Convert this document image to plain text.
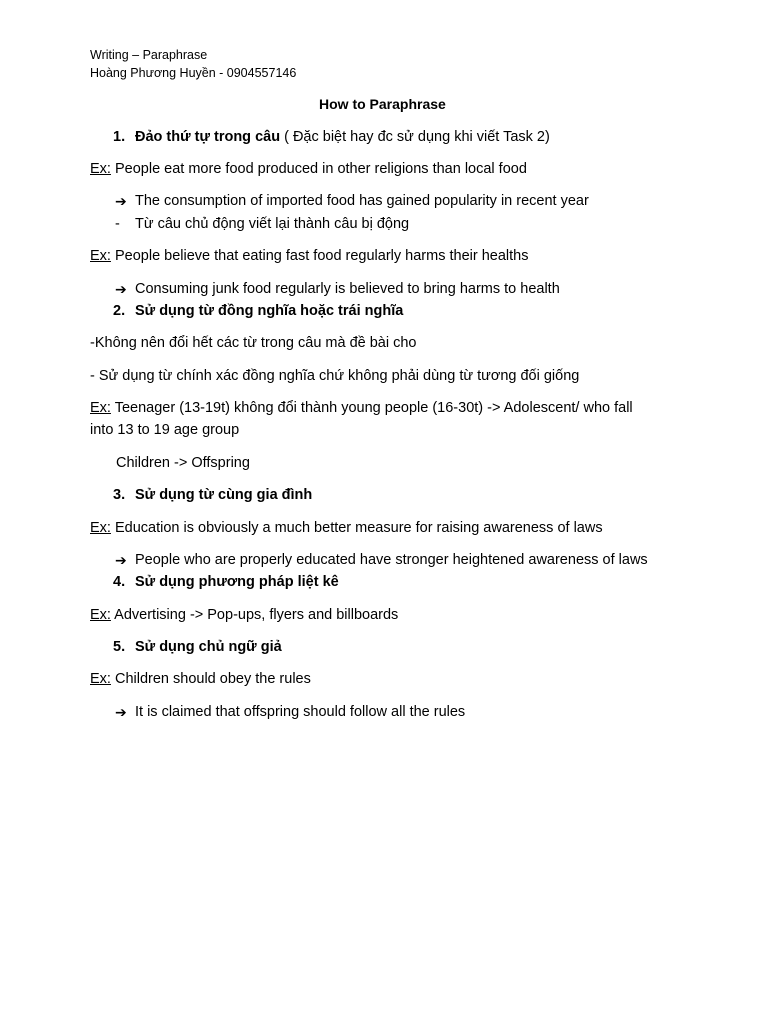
Writing – Paraphrase
Hoàng Phương Huyền - 0904557146
How to Paraphrase
1. Đảo thứ tự trong câu ( Đặc biệt hay đc sử dụng khi viết Task 2)
Ex: People eat more food produced in other religions than local food
➔ The consumption of imported food has gained popularity in recent year
- Từ câu chủ động viết lại thành câu bị động
Ex: People believe that eating fast food regularly harms their healths
➔ Consuming junk food regularly is believed to bring harms to health
2. Sử dụng từ đồng nghĩa hoặc trái nghĩa
-Không nên đổi hết các từ trong câu mà đề bài cho
- Sử dụng từ chính xác đồng nghĩa chứ không phải dùng từ tương đối giống
Ex: Teenager (13-19t) không đổi thành young people (16-30t) -> Adolescent/ who fall
into 13 to 19 age group
Children -> Offspring
3. Sử dụng từ cùng gia đình
Ex: Education is obviously a much better measure for raising awareness of laws
➔ People who are properly educated have stronger heightened awareness of laws
4. Sử dụng phương pháp liệt kê
Ex: Advertising -> Pop-ups, flyers and billboards
5. Sử dụng chủ ngữ giả
Ex: Children should obey the rules
➔ It is claimed that offspring should follow all the rules
